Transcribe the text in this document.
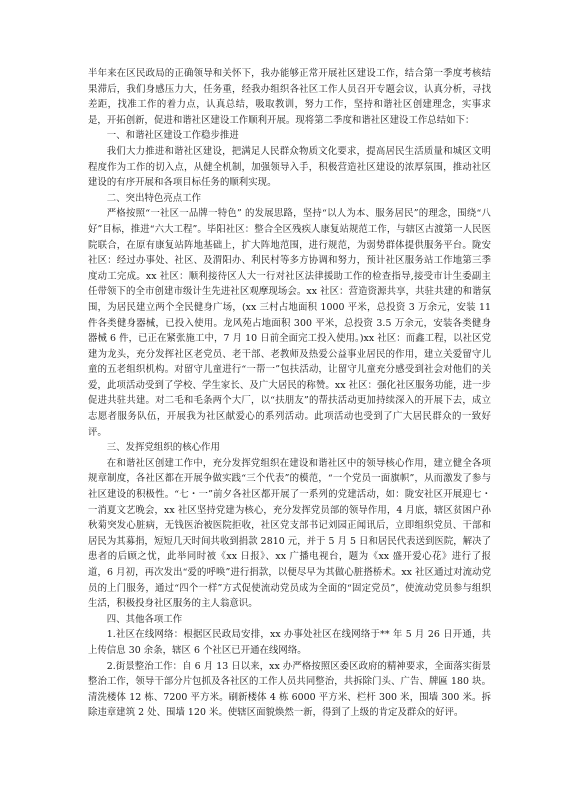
半年来在区民政局的正确领导和关怀下，我办能够正常开展社区建设工作，结合第一季度考核结果滞后，我们身感压力大，任务重，经我办组织各社区工作人员召开专题会议，认真分析，寻找差距，找准工作的着力点，认真总结，吸取教训，努力工作，坚持和谐社区创建理念，实事求是，开拓创新，促进和谐社区建设工作顺利开展。现将第二季度和谐社区建设工作总结如下：

一、和谐社区建设工作稳步推进

我们大力推进和谐社区建设，把满足人民群众物质文化要求，提高居民生活质量和城区文明程度作为工作的切入点，从健全机制，加强领导入手，积极营造社区建设的浓厚氛围，推动社区建设的有序开展和各项目标任务的顺利实现。

二、突出特色亮点工作

严格按照“一社区一品牌一特色” 的发展思路，坚持“以人为本、服务居民”的理念，围绕“八好”目标，推进“六大工程”。毕阳社区：整合全区残疾人康复站规范工作，与辖区古渡第一人民医院联合，在原有康复站阵地基础上，扩大阵地范围，进行规范，为弱势群体提供服务平台。陇安社区：经过办事处、社区、及渭阳办、利民村等多方协调和努力，预计社区服务站工作地第三季度动工完成。xx 社区：顺利接待区人大一行对社区法律援助工作的检查指导,接受市计生委副主任带领下的全市创建市级计生先进社区观摩现场会。xx 社区：营造资源共享，共驻共建的和谐氛围，为居民建立两个全民健身广场，(xx 三村占地面积 1000 平米，总投资 3 万余元，安装 11 件各类健身器械，已投入使用。龙风苑占地面积 300 平米，总投资 3.5 万余元，安装各类健身器械 6 件，已正在紧张施工中，7 月 10 日前全面完工投入使用。)xx 社区：而鑫工程，以社区党建为龙头，充分发挥社区老党员、老干部、老教师及热爱公益事业居民的作用，建立关爱留守儿童的五老组织机构。对留守儿童进行“一帮一”包扶活动，让留守儿童充分感受到社会对他们的关爱，此项活动受到了学校、学生家长、及广大居民的称赞。xx 社区：强化社区服务功能，进一步促进共驻共建。对二毛和毛条两个大厂，以“扶朋友”的帮扶活动更加持续深入的开展下去，成立志愿者服务队伍，开展我为社区献爱心的系列活动。此项活动也受到了广大居民群众的一致好评。

三、发挥党组织的核心作用

在和谐社区创建工作中，充分发挥党组织在建设和谐社区中的领导核心作用，建立健全各项规章制度，各社区都在开展争做实践“三个代表”的模范，“一个党员一面旗帜”，从而激发了参与社区建设的积极性。“七・一”前夕各社区都开展了一系列的党建活动，如：陇安社区开展迎七・一消夏文艺晚会，xx 社区坚持党建为核心，充分发挥党员部的领导作用，4 月底，辖区贫困户孙秋菊突发心脏病，无钱医治被医院拒收，社区党支部书记刘园正闻讯后，立即组织党员、干部和居民为其募捐，短短几天时间共收到捐款 2810 元，并于 5 月 5 日和居民代表送到医院，解决了患者的后顾之忧，此举同时被《xx 日报》、xx 广播电视台，题为《xx 盛开爱心花》进行了报道，6 月初，再次发出“爱的呼唤”进行捐款，以便尽早为其做心脏搭桥术。xx 社区通过对流动党员的上门服务，通过“四个一样”方式促使流动党员成为全面的“固定党员”，使流动党员参与组织生活，积极投身社区服务的主人翁意识。

四、其他各项工作

1.社区在线网络：根据区民政局安排，xx 办事处社区在线网络于** 年 5 月 26 日开通，共上传信息 30 余条，辖区 6 个社区已开通在线网络。

2.街景整治工作：自 6 月 13 日以来，xx 办严格按照区委区政府的精神要求，全面落实街景整治工作，领导干部分片包抓及各社区的工作人员共同整治，共拆除门头、广告、牌匾 180 块。清洗楼体 12 栋、7200 平方米。刷新楼体 4 栋 6000 平方米、栏杆 300 米，围墙 300 米。拆除违章建筑 2 处、围墙 120 米。使辖区面貌焕然一新，得到了上级的肯定及群众的好评。
